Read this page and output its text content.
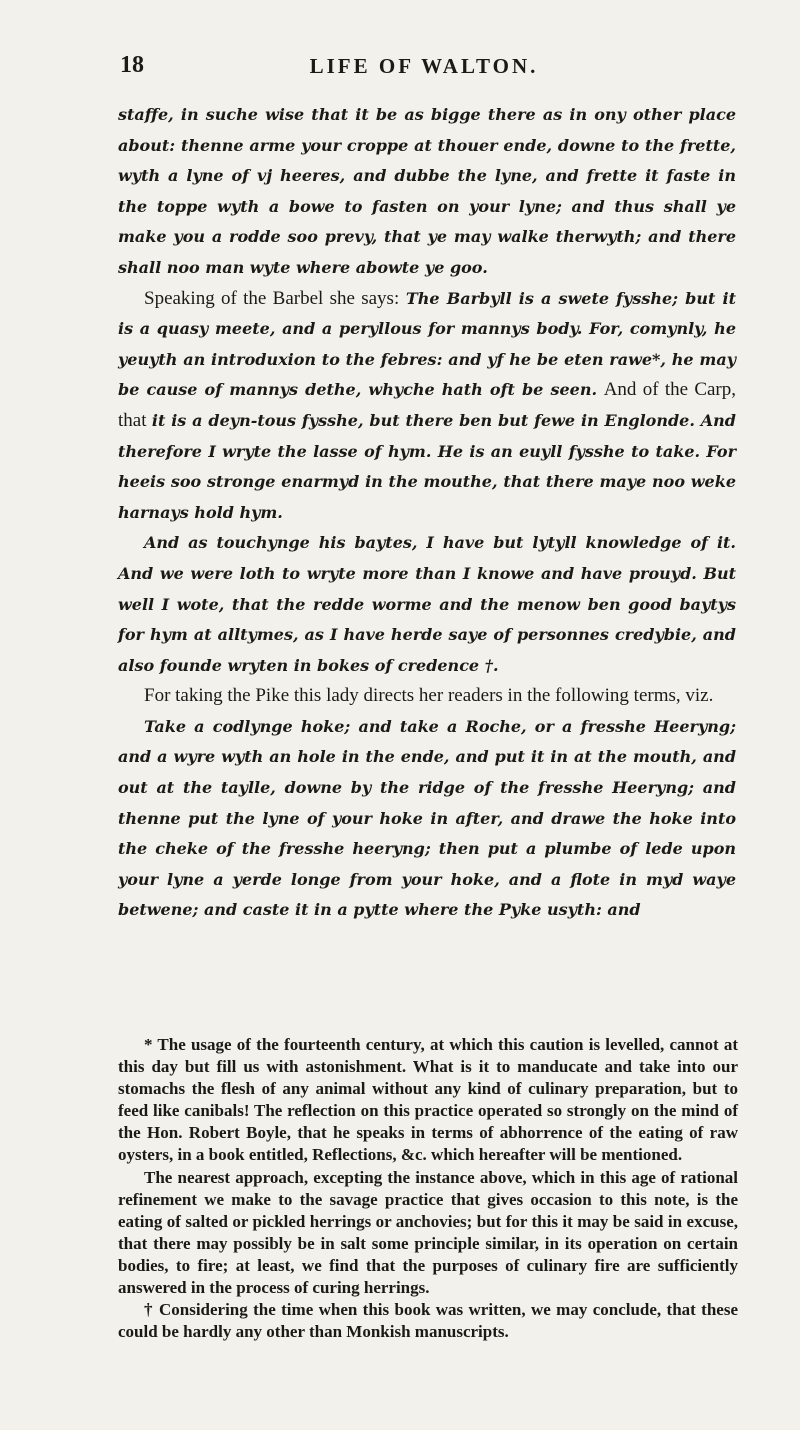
18	LIFE OF WALTON.

staffe, in suche wise that it be as bigge there as in ony other place about: thenne arme your croppe at thouer ende, downe to the frette, wyth a lyne of vj heeres, and dubbe the lyne, and frette it faste in the toppe wyth a bowe to fasten on your lyne; and thus shall ye make you a rodde soo prevy, that ye may walke therwyth; and there shall noo man wyte where abowte ye goo.

Speaking of the Barbel she says: The Barbyll is a swete fysshe; but it is a quasy meete, and a peryllous for mannys body. For, comynly, he yeuyth an introduxion to the febres: and yf he be eten rawe*, he may be cause of mannys dethe, whyche hath oft be seen. And of the Carp, that it is a deyn-tous fysshe, but there ben but fewe in Englonde. And therefore I wryte the lasse of hym. He is an euyll fysshe to take. For heeis soo stronge enarmyd in the mouthe, that there maye noo weke harnays hold hym.

And as touchynge his baytes, I have but lytyll knowledge of it. And we were loth to wryte more than I knowe and have prouyd. But well I wote, that the redde worme and the menow ben good baytys for hym at alltymes, as I have herde saye of personnes credybie, and also founde wryten in bokes of credence †.

For taking the Pike this lady directs her readers in the following terms, viz.

Take a codlynge hoke; and take a Roche, or a fresshe Heeryng; and a wyre wyth an hole in the ende, and put it in at the mouth, and out at the taylle, downe by the ridge of the fresshe Heeryng; and thenne put the lyne of your hoke in after, and drawe the hoke into the cheke of the fresshe heeryng; then put a plumbe of lede upon your lyne a yerde longe from your hoke, and a flote in myd waye betwene; and caste it in a pytte where the Pyke usyth: and

* The usage of the fourteenth century, at which this caution is levelled, cannot at this day but fill us with astonishment. What is it to manducate and take into our stomachs the flesh of any animal without any kind of culinary preparation, but to feed like canibals! The reflection on this practice operated so strongly on the mind of the Hon. Robert Boyle, that he speaks in terms of abhorrence of the eating of raw oysters, in a book entitled, Reflections, &c. which hereafter will be mentioned.

The nearest approach, excepting the instance above, which in this age of rational refinement we make to the savage practice that gives occasion to this note, is the eating of salted or pickled herrings or anchovies; but for this it may be said in excuse, that there may possibly be in salt some principle similar, in its operation on certain bodies, to fire; at least, we find that the purposes of culinary fire are sufficiently answered in the process of curing herrings.

† Considering the time when this book was written, we may conclude, that these could be hardly any other than Monkish manuscripts.
